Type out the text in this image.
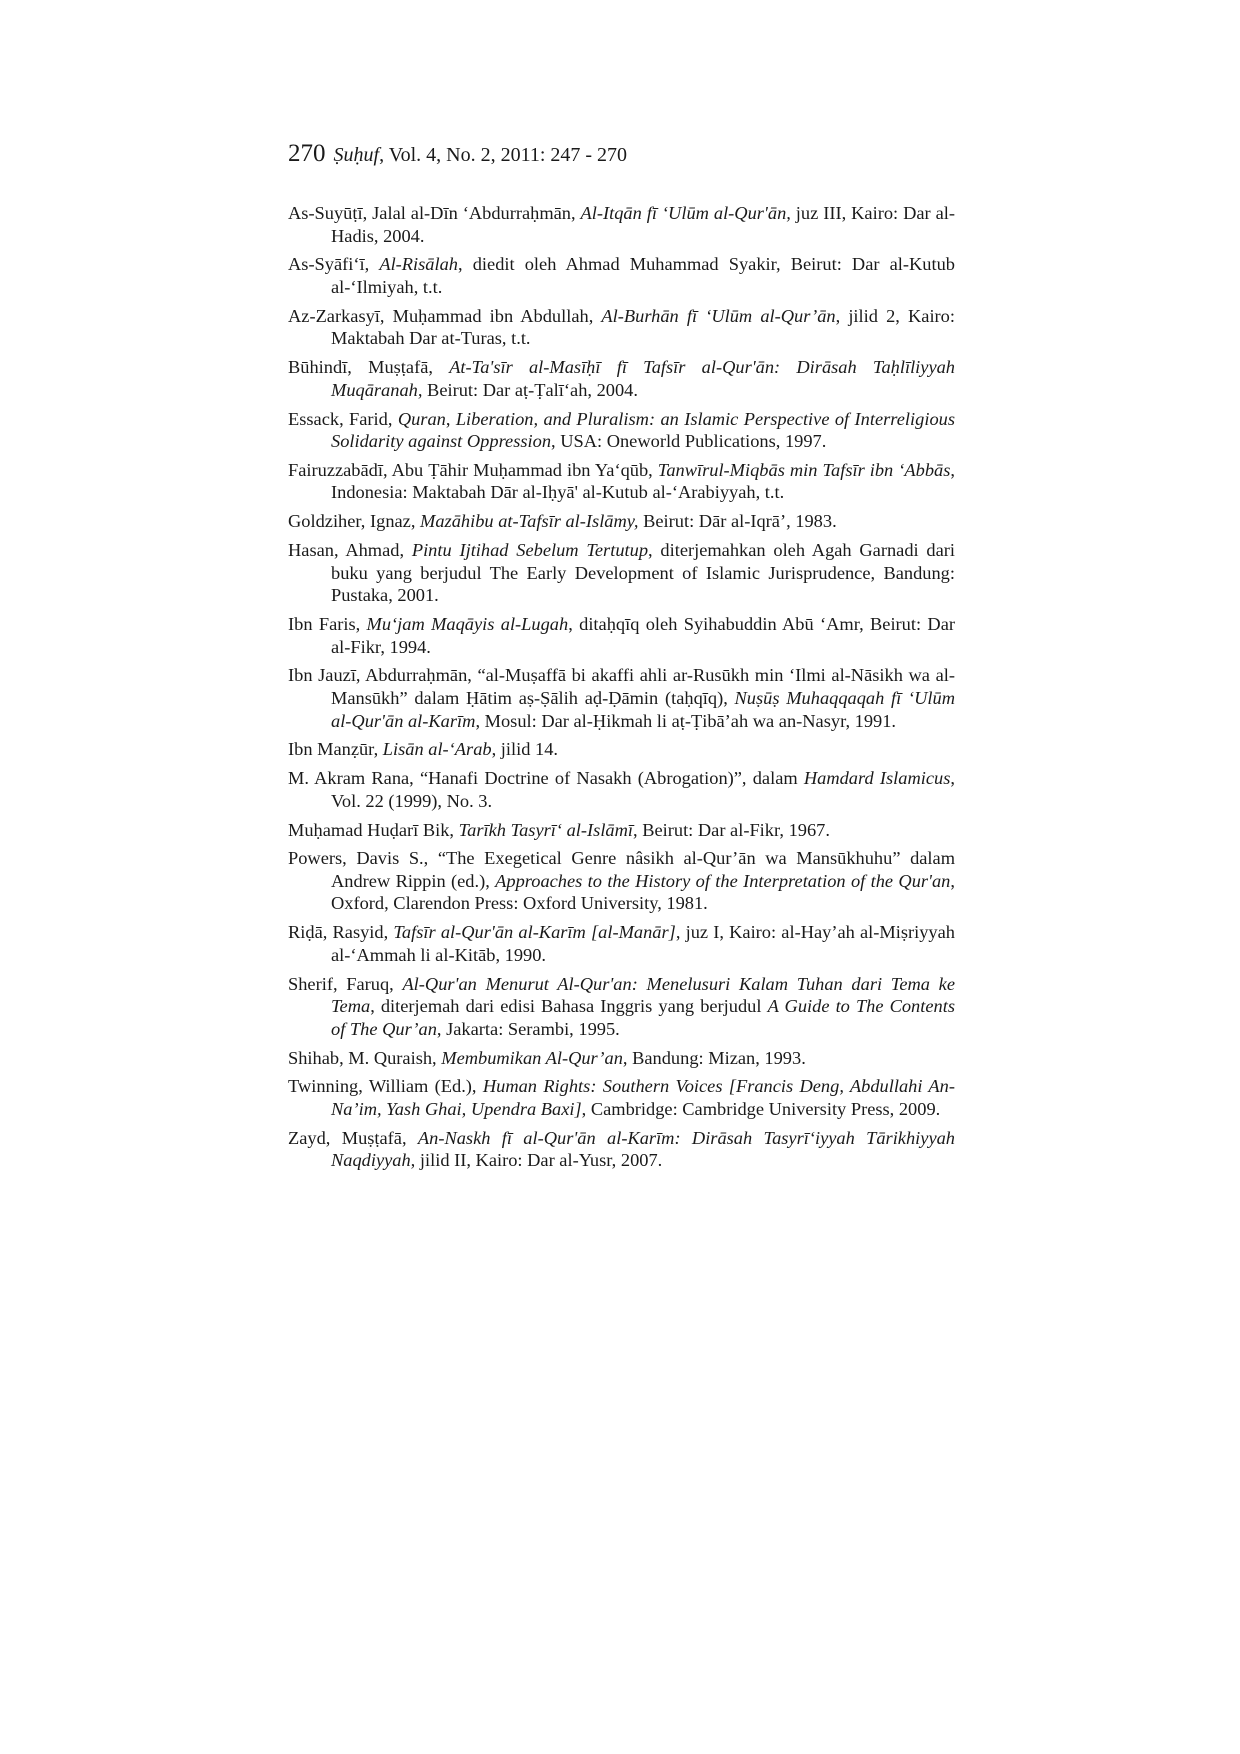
270 Ṣuḥuf, Vol. 4, No. 2, 2011: 247 - 270
As-Suyūṭī, Jalal al-Dīn ‘Abdurraḥmān, Al-Itqān fī ‘Ulūm al-Qur'ān, juz III, Kairo: Dar al-Hadis, 2004.
As-Syāfi‘ī, Al-Risālah, diedit oleh Ahmad Muhammad Syakir, Beirut: Dar al-Kutub al-‘Ilmiyah, t.t.
Az-Zarkasyī, Muḥammad ibn Abdullah, Al-Burhān fī ‘Ulūm al-Qur’ān, jilid 2, Kairo: Maktabah Dar at-Turas, t.t.
Būhindī, Muṣṭafā, At-Ta'sīr al-Masīḥī fī Tafsīr al-Qur'ān: Dirāsah Taḥlīliyyah Muqāranah, Beirut: Dar aṭ-Ṭalī‘ah, 2004.
Essack, Farid, Quran, Liberation, and Pluralism: an Islamic Perspective of Interreligious Solidarity against Oppression, USA: Oneworld Publications, 1997.
Fairuzzabādī, Abu Ṭāhir Muḥammad ibn Ya‘qūb, Tanwīrul-Miqbās min Tafsīr ibn ‘Abbās, Indonesia: Maktabah Dār al-Iḥyā' al-Kutub al-‘Arabiyyah, t.t.
Goldziher, Ignaz, Mazāhibu at-Tafsīr al-Islāmy, Beirut: Dār al-Iqrā’, 1983.
Hasan, Ahmad, Pintu Ijtihad Sebelum Tertutup, diterjemahkan oleh Agah Garnadi dari buku yang berjudul The Early Development of Islamic Jurisprudence, Bandung: Pustaka, 2001.
Ibn Faris, Mu‘jam Maqāyis al-Lugah, ditaḥqīq oleh Syihabuddin Abū ‘Amr, Beirut: Dar al-Fikr, 1994.
Ibn Jauzī, Abdurraḥmān, “al-Muṣaffā bi akaffi ahli ar-Rusūkh min ‘Ilmi al-Nāsikh wa al-Mansūkh” dalam Ḥātim aṣ-Ṣālih aḍ-Ḍāmin (taḥqīq), Nuṣūṣ Muhaqqaqah fī ‘Ulūm al-Qur'ān al-Karīm, Mosul: Dar al-Ḥikmah li aṭ-Ṭibā’ah wa an-Nasyr, 1991.
Ibn Manẓūr, Lisān al-‘Arab, jilid 14.
M. Akram Rana, “Hanafi Doctrine of Nasakh (Abrogation)”, dalam Hamdard Islamicus, Vol. 22 (1999), No. 3.
Muḥamad Huḍarī Bik, Tarīkh Tasyrī‘ al-Islāmī, Beirut: Dar al-Fikr, 1967.
Powers, Davis S., “The Exegetical Genre nâsikh al-Qur’ān wa Mansūkhuhu” dalam Andrew Rippin (ed.), Approaches to the History of the Interpretation of the Qur'an, Oxford, Clarendon Press: Oxford University, 1981.
Riḍā, Rasyid, Tafsīr al-Qur'ān al-Karīm [al-Manār], juz I, Kairo: al-Hay’ah al-Miṣriyyah al-‘Ammah li al-Kitāb, 1990.
Sherif, Faruq, Al-Qur'an Menurut Al-Qur'an: Menelusuri Kalam Tuhan dari Tema ke Tema, diterjemah dari edisi Bahasa Inggris yang berjudul A Guide to The Contents of The Qur’an, Jakarta: Serambi, 1995.
Shihab, M. Quraish, Membumikan Al-Qur’an, Bandung: Mizan, 1993.
Twinning, William (Ed.), Human Rights: Southern Voices [Francis Deng, Abdullahi An-Na’im, Yash Ghai, Upendra Baxi], Cambridge: Cambridge University Press, 2009.
Zayd, Muṣṭafā, An-Naskh fī al-Qur'ān al-Karīm: Dirāsah Tasyrī‘iyyah Tārikhiyyah Naqdiyyah, jilid II, Kairo: Dar al-Yusr, 2007.
